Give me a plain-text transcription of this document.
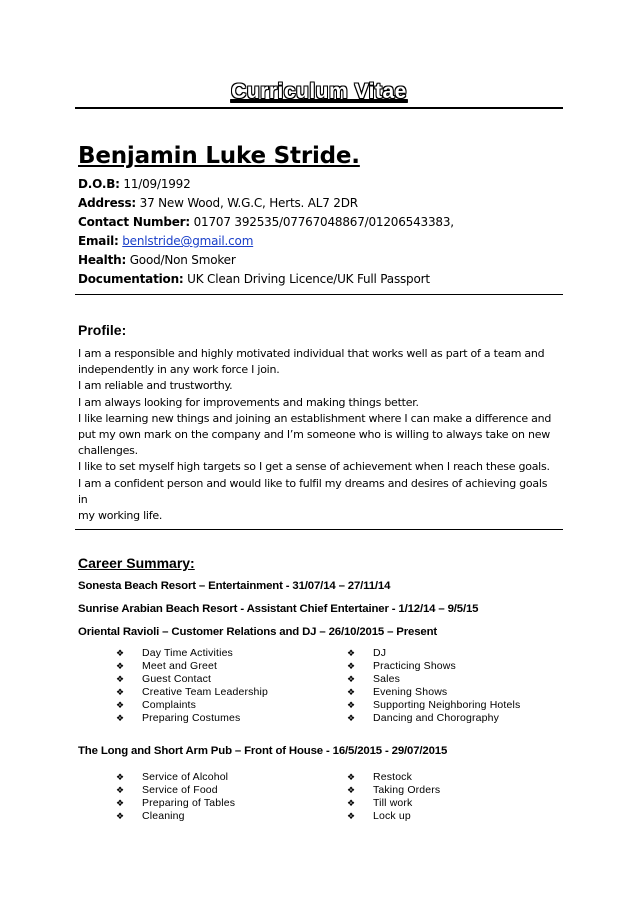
Curriculum Vitae
Benjamin Luke Stride.
D.O.B: 11/09/1992
Address: 37 New Wood, W.G.C, Herts. AL7 2DR
Contact Number: 01707 392535/07767048867/01206543383,
Email: benlstride@gmail.com
Health: Good/Non Smoker
Documentation: UK Clean Driving Licence/UK Full Passport
Profile:
I am a responsible and highly motivated individual that works well as part of a team and
independently in any work force I join.
I am reliable and trustworthy.
I am always looking for improvements and making things better.
I like learning new things and joining an establishment where I can make a difference and
put my own mark on the company and I’m someone who is willing to always take on new
challenges.
I like to set myself high targets so I get a sense of achievement when I reach these goals.
I am a confident person and would like to fulfil my dreams and desires of achieving goals in
my working life.
Career Summary:
Sonesta Beach Resort – Entertainment - 31/07/14 – 27/11/14
Sunrise Arabian Beach Resort - Assistant Chief Entertainer - 1/12/14 – 9/5/15
Oriental Ravioli – Customer Relations and DJ – 26/10/2015 – Present
❖ Day Time Activities
❖ Meet and Greet
❖ Guest Contact
❖ Creative Team Leadership
❖ Complaints
❖ Preparing Costumes
❖ DJ
❖ Practicing Shows
❖ Sales
❖ Evening Shows
❖ Supporting Neighboring Hotels
❖ Dancing and Chorography
The Long and Short Arm Pub – Front of House - 16/5/2015 - 29/07/2015
❖ Service of Alcohol
❖ Service of Food
❖ Preparing of Tables
❖ Cleaning
❖ Restock
❖ Taking Orders
❖ Till work
❖ Lock up
